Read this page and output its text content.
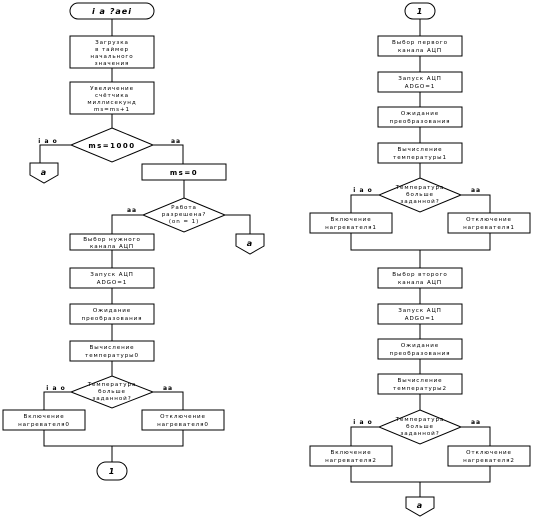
i a ?aei
Загрузка
в таймер
начального
значения
Увеличение
счётчика
миллисекунд
ms=ms+1
ms=1000
i a o	aa
a	ms=0
Работа
разрешена?
(on = 1)
aa
a
Выбор нужного
канала АЦП
Запуск АЦП
ADGO=1
Ожидание
преобразования
Вычисление
температуры0
Температура
больше
заданной?
i a o	aa
Включение
нагревателя0
Отключение
нагревателя0
1
1
Выбор первого
канала АЦП
Запуск АЦП
ADGO=1
Ожидание
преобразования
Вычисление
температуры1
Температура
больше
заданной?
i a o	aa
Включение
нагревателя1
Отключение
нагревателя1
Выбор второго
канала АЦП
Запуск АЦП
ADGO=1
Ожидание
преобразования
Вычисление
температуры2
Температура
больше
заданной?
i a o	aa
Включение
нагревателя2
Отключение
нагревателя2
a
